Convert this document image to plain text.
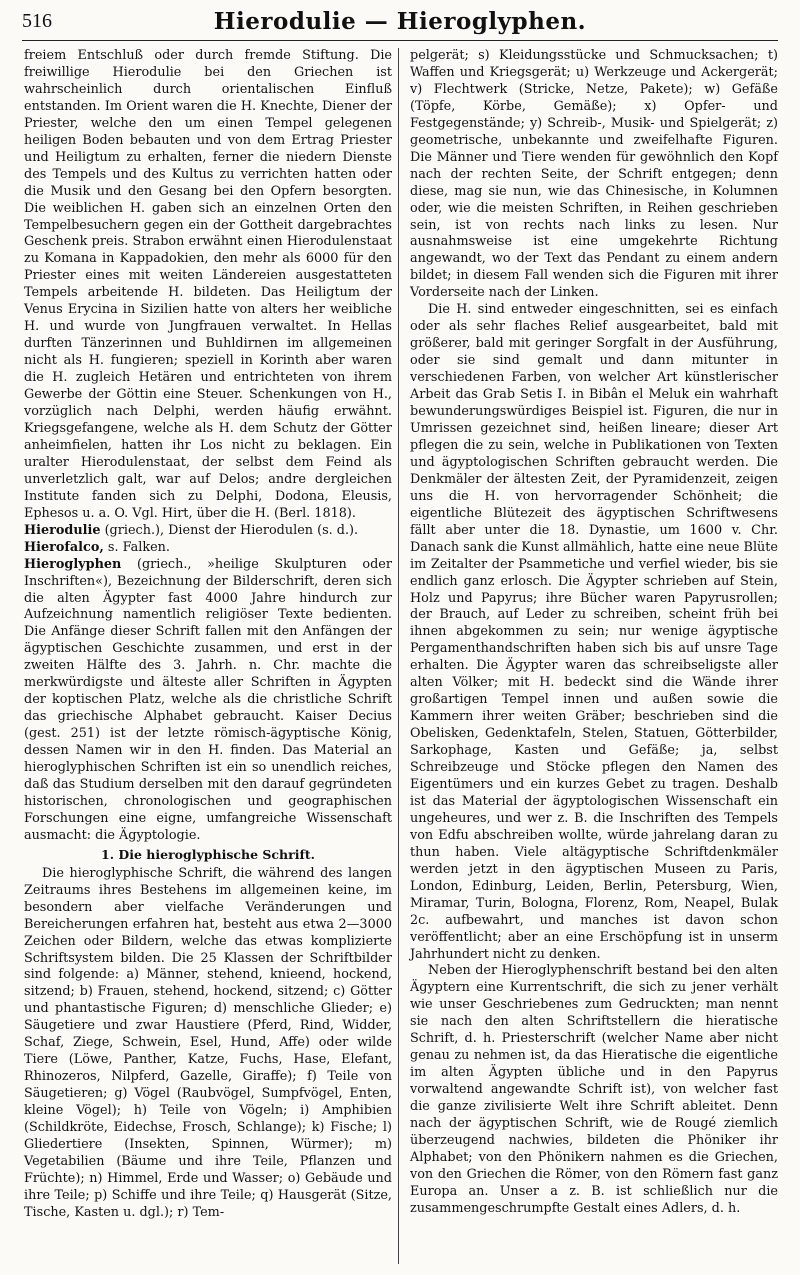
516	Hierodulie — Hieroglyphen.

freiem Entschluß oder durch fremde Stiftung. Die freiwillige Hierodulie bei den Griechen ist wahrscheinlich durch orientalischen Einfluß entstanden. Im Orient waren die H. Knechte, Diener der Priester, welche den um einen Tempel gelegenen heiligen Boden bebauten und von dem Ertrag Priester und Heiligtum zu erhalten, ferner die niedern Dienste des Tempels und des Kultus zu verrichten hatten oder die Musik und den Gesang bei den Opfern besorgten. Die weiblichen H. gaben sich an einzelnen Orten den Tempelbesuchern gegen ein der Gottheit dargebrachtes Geschenk preis. Strabon erwähnt einen Hierodulenstaat zu Komana in Kappadokien, den mehr als 6000 für den Priester eines mit weiten Ländereien ausgestatteten Tempels arbeitende H. bildeten. Das Heiligtum der Venus Erycina in Sizilien hatte von alters her weibliche H. und wurde von Jungfrauen verwaltet. In Hellas durften Tänzerinnen und Buhldirnen im allgemeinen nicht als H. fungieren; speziell in Korinth aber waren die H. zugleich Hetären und entrichteten von ihrem Gewerbe der Göttin eine Steuer. Schenkungen von H., vorzüglich nach Delphi, werden häufig erwähnt. Kriegsgefangene, welche als H. dem Schutz der Götter anheimfielen, hatten ihr Los nicht zu beklagen. Ein uralter Hierodulenstaat, der selbst dem Feind als unverletzlich galt, war auf Delos; andre dergleichen Institute fanden sich zu Delphi, Dodona, Eleusis, Ephesos u. a. O. Vgl. Hirt, über die H. (Berl. 1818).

Hierodulie (griech.), Dienst der Hierodulen (s. d.).

Hierofalco, s. Falken.

Hieroglyphen (griech., »heilige Skulpturen oder Inschriften«), Bezeichnung der Bilderschrift, deren sich die alten Ägypter fast 4000 Jahre hindurch zur Aufzeichnung namentlich religiöser Texte bedienten. Die Anfänge dieser Schrift fallen mit den Anfängen der ägyptischen Geschichte zusammen, und erst in der zweiten Hälfte des 3. Jahrh. n. Chr. machte die merkwürdigste und älteste aller Schriften in Ägypten der koptischen Platz, welche als die christliche Schrift das griechische Alphabet gebraucht. Kaiser Decius (gest. 251) ist der letzte römisch-ägyptische König, dessen Namen wir in den H. finden. Das Material an hieroglyphischen Schriften ist ein so unendlich reiches, daß das Studium derselben mit den darauf gegründeten historischen, chronologischen und geographischen Forschungen eine eigne, umfangreiche Wissenschaft ausmacht: die Ägyptologie.

1. Die hieroglyphische Schrift.

Die hieroglyphische Schrift, die während des langen Zeitraums ihres Bestehens im allgemeinen keine, im besondern aber vielfache Veränderungen und Bereicherungen erfahren hat, besteht aus etwa 2—3000 Zeichen oder Bildern, welche das etwas komplizierte Schriftsystem bilden. Die 25 Klassen der Schriftbilder sind folgende: a) Männer, stehend, knieend, hockend, sitzend; b) Frauen, stehend, hockend, sitzend; c) Götter und phantastische Figuren; d) menschliche Glieder; e) Säugetiere und zwar Haustiere (Pferd, Rind, Widder, Schaf, Ziege, Schwein, Esel, Hund, Affe) oder wilde Tiere (Löwe, Panther, Katze, Fuchs, Hase, Elefant, Rhinozeros, Nilpferd, Gazelle, Giraffe); f) Teile von Säugetieren; g) Vögel (Raubvögel, Sumpfvögel, Enten, kleine Vögel); h) Teile von Vögeln; i) Amphibien (Schildkröte, Eidechse, Frosch, Schlange); k) Fische; l) Gliedertiere (Insekten, Spinnen, Würmer); m) Vegetabilien (Bäume und ihre Teile, Pflanzen und Früchte); n) Himmel, Erde und Wasser; o) Gebäude und ihre Teile; p) Schiffe und ihre Teile; q) Hausgerät (Sitze, Tische, Kasten u. dgl.); r) Tem-

pelgerät; s) Kleidungsstücke und Schmucksachen; t) Waffen und Kriegsgerät; u) Werkzeuge und Ackergerät; v) Flechtwerk (Stricke, Netze, Pakete); w) Gefäße (Töpfe, Körbe, Gemäße); x) Opfer- und Festgegenstände; y) Schreib-, Musik- und Spielgerät; z) geometrische, unbekannte und zweifelhafte Figuren. Die Männer und Tiere wenden für gewöhnlich den Kopf nach der rechten Seite, der Schrift entgegen; denn diese, mag sie nun, wie das Chinesische, in Kolumnen oder, wie die meisten Schriften, in Reihen geschrieben sein, ist von rechts nach links zu lesen. Nur ausnahmsweise ist eine umgekehrte Richtung angewandt, wo der Text das Pendant zu einem andern bildet; in diesem Fall wenden sich die Figuren mit ihrer Vorderseite nach der Linken.

Die H. sind entweder eingeschnitten, sei es einfach oder als sehr flaches Relief ausgearbeitet, bald mit größerer, bald mit geringer Sorgfalt in der Ausführung, oder sie sind gemalt und dann mitunter in verschiedenen Farben, von welcher Art künstlerischer Arbeit das Grab Setis I. in Bibân el Meluk ein wahrhaft bewunderungswürdiges Beispiel ist. Figuren, die nur in Umrissen gezeichnet sind, heißen lineare; dieser Art pflegen die zu sein, welche in Publikationen von Texten und ägyptologischen Schriften gebraucht werden. Die Denkmäler der ältesten Zeit, der Pyramidenzeit, zeigen uns die H. von hervorragender Schönheit; die eigentliche Blütezeit des ägyptischen Schriftwesens fällt aber unter die 18. Dynastie, um 1600 v. Chr. Danach sank die Kunst allmählich, hatte eine neue Blüte im Zeitalter der Psammetiche und verfiel wieder, bis sie endlich ganz erlosch. Die Ägypter schrieben auf Stein, Holz und Papyrus; ihre Bücher waren Papyrusrollen; der Brauch, auf Leder zu schreiben, scheint früh bei ihnen abgekommen zu sein; nur wenige ägyptische Pergamenthandschriften haben sich bis auf unsre Tage erhalten. Die Ägypter waren das schreibseligste aller alten Völker; mit H. bedeckt sind die Wände ihrer großartigen Tempel innen und außen sowie die Kammern ihrer weiten Gräber; beschrieben sind die Obelisken, Gedenktafeln, Stelen, Statuen, Götterbilder, Sarkophage, Kasten und Gefäße; ja, selbst Schreibzeuge und Stöcke pflegen den Namen des Eigentümers und ein kurzes Gebet zu tragen. Deshalb ist das Material der ägyptologischen Wissenschaft ein ungeheures, und wer z. B. die Inschriften des Tempels von Edfu abschreiben wollte, würde jahrelang daran zu thun haben. Viele altägyptische Schriftdenkmäler werden jetzt in den ägyptischen Museen zu Paris, London, Edinburg, Leiden, Berlin, Petersburg, Wien, Miramar, Turin, Bologna, Florenz, Rom, Neapel, Bulak 2c. aufbewahrt, und manches ist davon schon veröffentlicht; aber an eine Erschöpfung ist in unserm Jahrhundert nicht zu denken.

Neben der Hieroglyphenschrift bestand bei den alten Ägyptern eine Kurrentschrift, die sich zu jener verhält wie unser Geschriebenes zum Gedruckten; man nennt sie nach den alten Schriftstellern die hieratische Schrift, d. h. Priesterschrift (welcher Name aber nicht genau zu nehmen ist, da das Hieratische die eigentliche im alten Ägypten übliche und in den Papyrus vorwaltend angewandte Schrift ist), von welcher fast die ganze zivilisierte Welt ihre Schrift ableitet. Denn nach der ägyptischen Schrift, wie de Rougé ziemlich überzeugend nachwies, bildeten die Phöniker ihr Alphabet; von den Phönikern nahmen es die Griechen, von den Griechen die Römer, von den Römern fast ganz Europa an. Unser a z. B. ist schließlich nur die zusammengeschrumpfte Gestalt eines Adlers, d. h.
